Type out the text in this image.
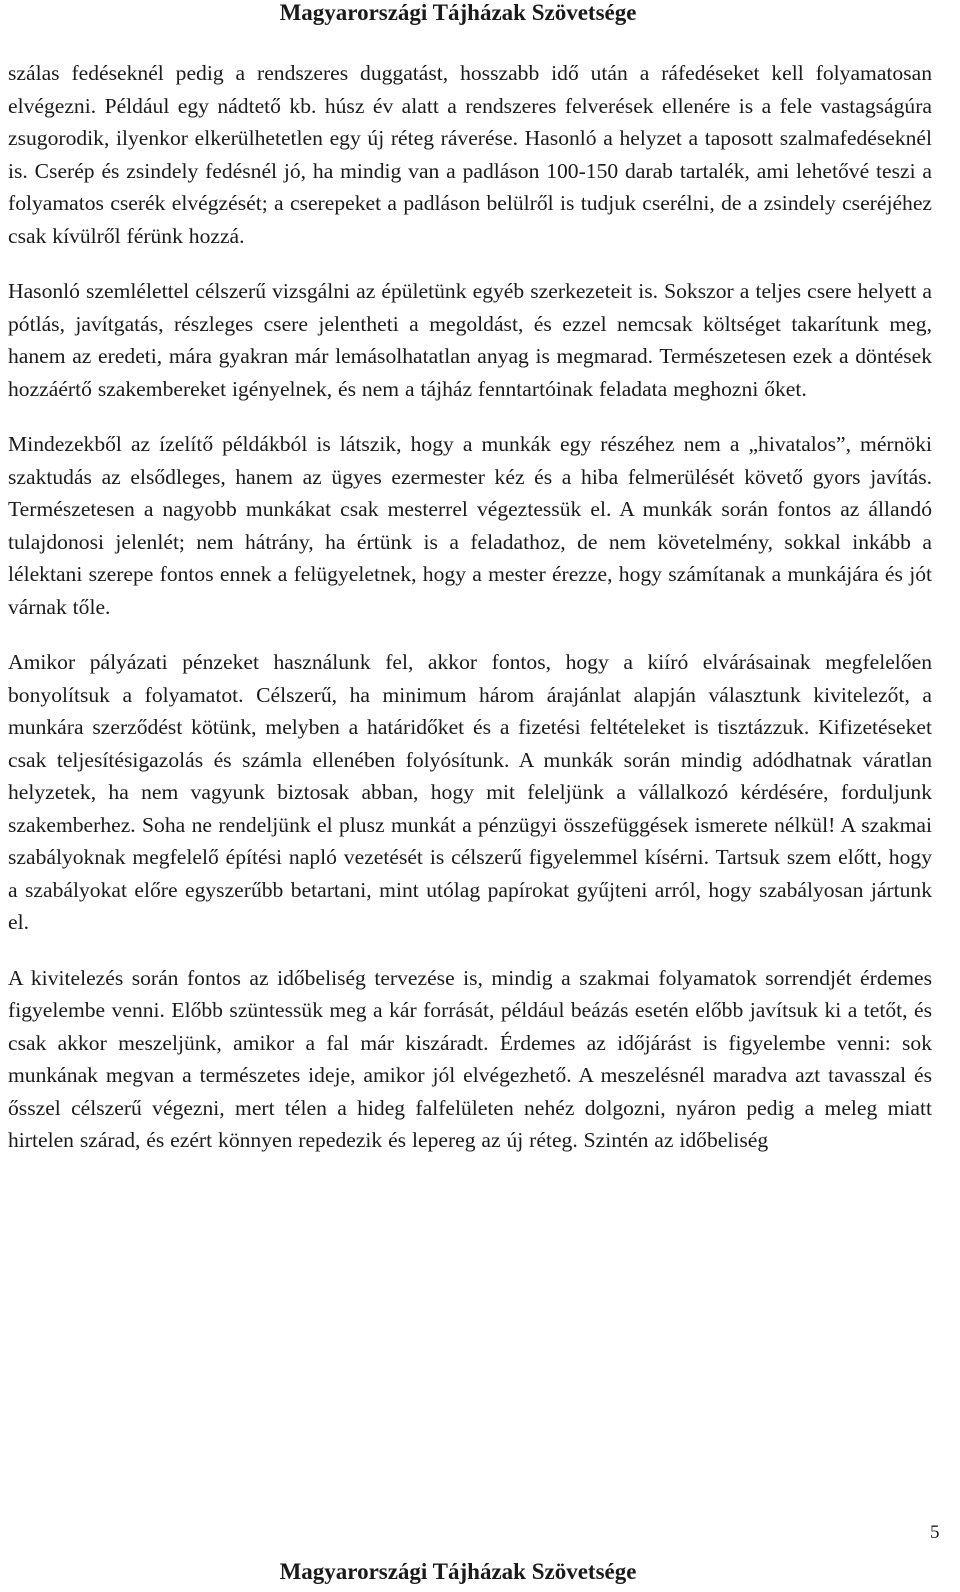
Magyarországi Tájházak Szövetsége

szálas fedéseknél pedig a rendszeres duggatást, hosszabb idő után a ráfedéseket kell folyamatosan elvégezni. Például egy nádtető kb. húsz év alatt a rendszeres felverések ellenére is a fele vastagságúra zsugorodik, ilyenkor elkerülhetetlen egy új réteg ráverése. Hasonló a helyzet a taposott szalmafedéseknél is. Cserép és zsindely fedésnél jó, ha mindig van a padláson 100-150 darab tartalék, ami lehetővé teszi a folyamatos cserék elvégzését; a cserepeket a padláson belülről is tudjuk cserélni, de a zsindely cseréjéhez csak kívülről férünk hozzá.

Hasonló szemlélettel célszerű vizsgálni az épületünk egyéb szerkezeteit is. Sokszor a teljes csere helyett a pótlás, javítgatás, részleges csere jelentheti a megoldást, és ezzel nemcsak költséget takarítunk meg, hanem az eredeti, mára gyakran már lemásolhatatlan anyag is megmarad. Természetesen ezek a döntések hozzáértő szakembereket igényelnek, és nem a tájház fenntartóinak feladata meghozni őket.

Mindezekből az ízelítő példákból is látszik, hogy a munkák egy részéhez nem a „hivatalos”, mérnöki szaktudás az elsődleges, hanem az ügyes ezermester kéz és a hiba felmerülését követő gyors javítás. Természetesen a nagyobb munkákat csak mesterrel végeztessük el. A munkák során fontos az állandó tulajdonosi jelenlét; nem hátrány, ha értünk is a feladathoz, de nem követelmény, sokkal inkább a lélektani szerepe fontos ennek a felügyeletnek, hogy a mester érezze, hogy számítanak a munkájára és jót várnak tőle.

Amikor pályázati pénzeket használunk fel, akkor fontos, hogy a kiíró elvárásainak megfelelően bonyolítsuk a folyamatot. Célszerű, ha minimum három árajánlat alapján választunk kivitelezőt, a munkára szerződést kötünk, melyben a határidőket és a fizetési feltételeket is tisztázzuk. Kifizetéseket csak teljesítésigazolás és számla ellenében folyósítunk. A munkák során mindig adódhatnak váratlan helyzetek, ha nem vagyunk biztosak abban, hogy mit feleljünk a vállalkozó kérdésére, forduljunk szakemberhez. Soha ne rendeljünk el plusz munkát a pénzügyi összefüggések ismerete nélkül! A szakmai szabályoknak megfelelő építési napló vezetését is célszerű figyelemmel kísérni. Tartsuk szem előtt, hogy a szabályokat előre egyszerűbb betartani, mint utólag papírokat gyűjteni arról, hogy szabályosan jártunk el.

A kivitelezés során fontos az időbeliség tervezése is, mindig a szakmai folyamatok sorrendjét érdemes figyelembe venni. Előbb szüntessük meg a kár forrását, például beázás esetén előbb javítsuk ki a tetőt, és csak akkor meszeljünk, amikor a fal már kiszáradt. Érdemes az időjárást is figyelembe venni: sok munkának megvan a természetes ideje, amikor jól elvégezhető. A meszelésnél maradva azt tavasszal és ősszel célszerű végezni, mert télen a hideg falfelületen nehéz dolgozni, nyáron pedig a meleg miatt hirtelen szárad, és ezért könnyen repedezik és lepereg az új réteg. Szintén az időbeliség

5
Magyarországi Tájházak Szövetsége
